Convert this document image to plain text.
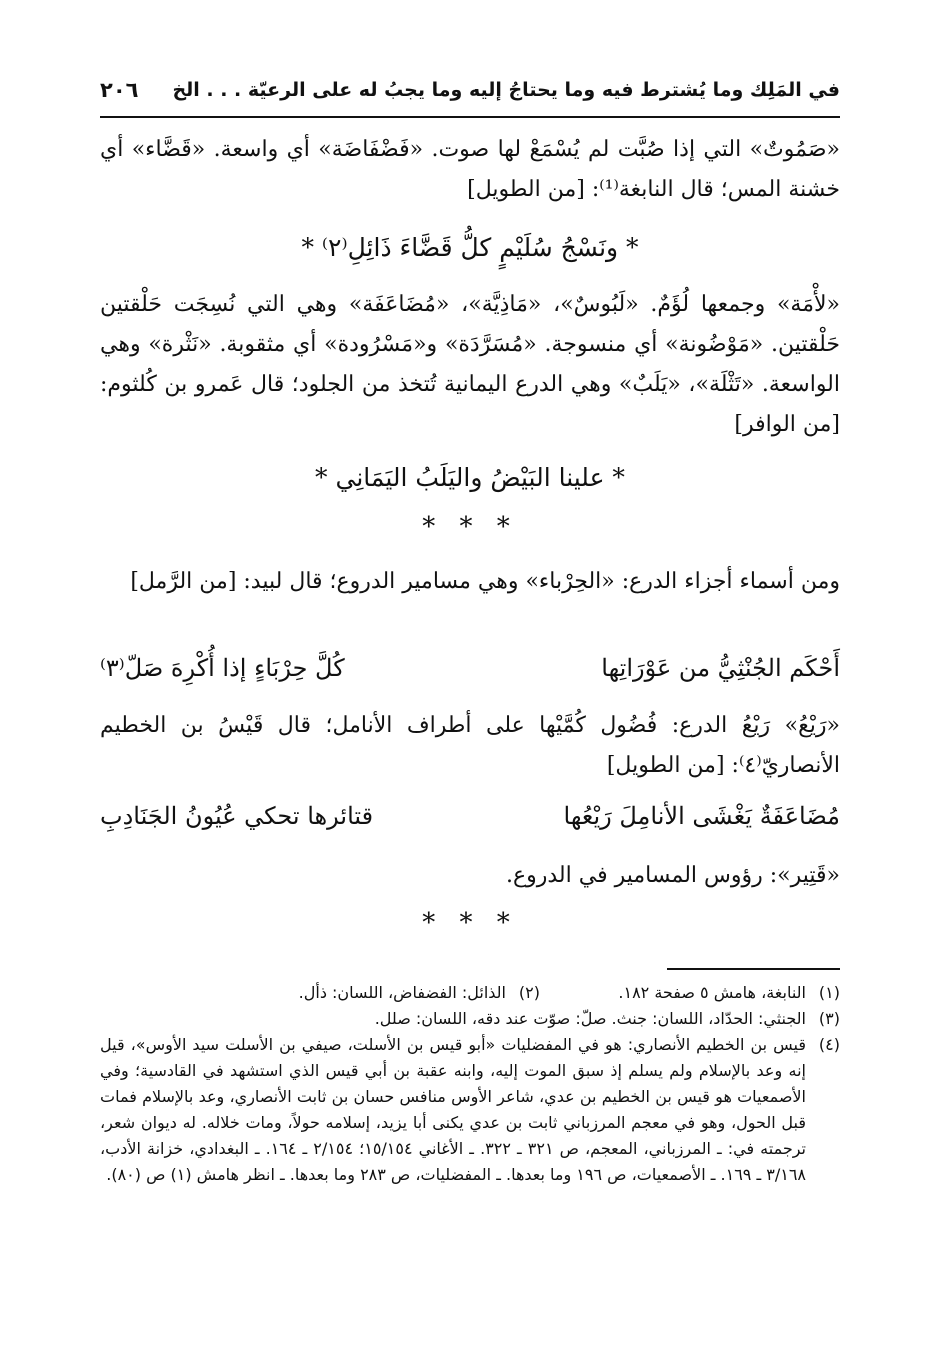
في المَلِك وما يُشترط فيه وما يحتاجُ إليه وما يجبُ له على الرعيّة . . . الخ
٢٠٦
«صَمُوتٌ» التي إذا صُبَّت لم يُسْمَعْ لها صوت. «فَضْفَاضَة» أي واسعة. «قَضَّاء» أي خشنة المس؛ قال النابغة⁽¹⁾: [من الطويل]
* ونَسْجُ سُلَيْمٍ كلُّ قَضَّاءَ ذَائِلِ⁽٢⁾ *
«لأْمَة» وجمعها لُؤَمٌ. «لَبُوسٌ»، «مَاذِيَّة»، «مُضَاعَفَة» وهي التي نُسِجَت حَلْقتين حَلْقتين. «مَوْضُونة» أي منسوجة. «مُسَرَّدَة» و«مَسْرُودة» أي مثقوبة. «نَثْرة» وهي الواسعة. «تَثْلَة»، «يَلَبٌ» وهي الدرع اليمانية تُتخذ من الجلود؛ قال عَمرو بن كُلثوم: [من الوافر]
* علينا البَيْضُ واليَلَبُ اليَمَانِي *
* * *
ومن أسماء أجزاء الدرع: «الحِرْباء» وهي مسامير الدروع؛ قال لبيد: [من الرَّمل]
أَحْكَم الجُنْثِيُّ من عَوْرَاتِها
كُلَّ حِرْبَاءٍ إذا أُكْرِهَ صَلّ⁽٣⁾
«رَيْعُ» رَيْعُ الدرع: فُضُول كُمَّيْها على أطراف الأنامل؛ قال قَيْسُ بن الخطيم الأنصاريّ⁽٤⁾: [من الطويل]
مُضَاعَفَةٌ يَغْشَى الأنامِلَ رَيْعُها
قتائرها تحكي عُيُونُ الجَنَادِبِ
«قَتِير»: رؤوس المسامير في الدروع.
* * *
(١)
النابغة، هامش ٥ صفحة ١٨٢.
(٢)
الذائل: الفضفاض، اللسان: ذأل.
(٣)
الجنثي: الحدّاد، اللسان: جنث. صلّ: صوّت عند دقه، اللسان: صلل.
(٤)
قيس بن الخطيم الأنصاري: هو في المفضليات «أبو قيس بن الأسلت، صيفي بن الأسلت سيد الأوس»، قيل إنه وعد بالإسلام ولم يسلم إذ سبق الموت إليه، وابنه عقبة بن أبي قيس الذي استشهد في القادسية؛ وفي الأصمعيات هو قيس بن الخطيم بن عدي، شاعر الأوس منافس حسان بن ثابت الأنصاري، وعد بالإسلام فمات قبل الحول، وهو في معجم المرزباني ثابت بن عدي يكنى أبا يزيد، إسلامه حولاً، ومات خلاله. له ديوان شعر، ترجمته في: ـ المرزباني، المعجم، ص ٣٢١ ـ ٣٢٢. ـ الأغاني ١٥/١٥٤؛ ٢/١٥٤ ـ ١٦٤. ـ البغدادي، خزانة الأدب، ٣/١٦٨ ـ ١٦٩. ـ الأصمعيات، ص ١٩٦ وما بعدها. ـ المفضليات، ص ٢٨٣ وما بعدها. ـ انظر هامش (١) ص (٨٠).
